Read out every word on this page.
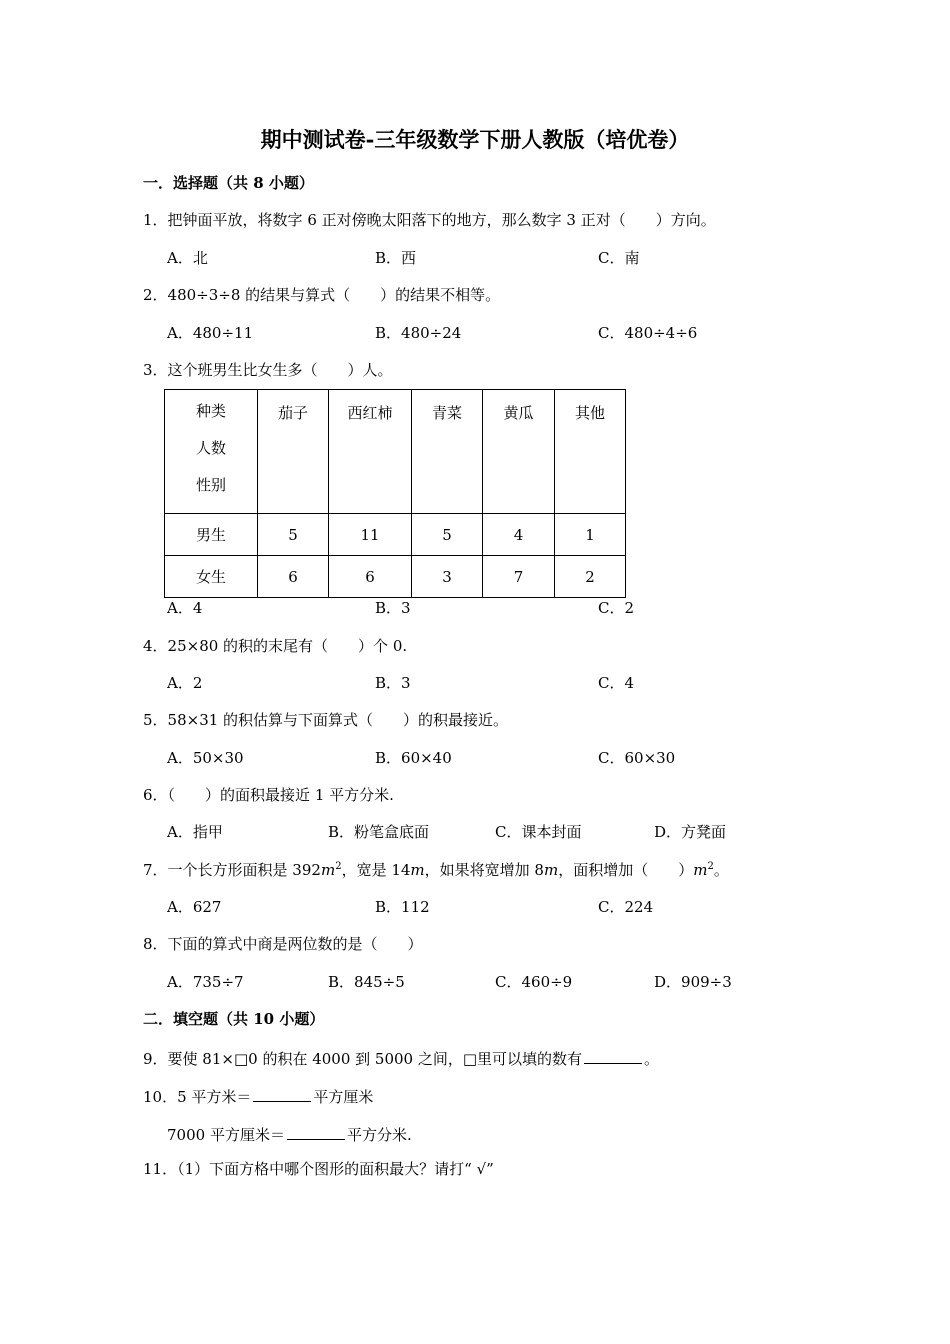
期中测试卷-三年级数学下册人教版（培优卷）
一．选择题（共 8 小题）
1．把钟面平放，将数字 6 正对傍晚太阳落下的地方，那么数字 3 正对（　　）方向。
A．北	B．西	C．南
2．480÷3÷8 的结果与算式（　　）的结果不相等。
A．480÷11	B．480÷24	C．480÷4÷6
3．这个班男生比女生多（　　）人。
种类
人数
性别	茄子	西红柿	青菜	黄瓜	其他
男生	5	11	5	4	1
女生	6	6	3	7	2
A．4	B．3	C．2
4．25×80 的积的末尾有（　　）个 0.
A．2	B．3	C．4
5．58×31 的积估算与下面算式（　　）的积最接近。
A．50×30	B．60×40	C．60×30
6．（　　）的面积最接近 1 平方分米.
A．指甲	B．粉笔盒底面	C．课本封面	D．方凳面
7．一个长方形面积是 $392m^2$，宽是 14m，如果将宽增加 8m，面积增加（　　）$m^2$。
A．627	B．112	C．224
8．下面的算式中商是两位数的是（　　）
A．735÷7	B．845÷5	C．460÷9	D．909÷3
二．填空题（共 10 小题）
9．要使 81×□0 的积在 4000 到 5000 之间，□里可以填的数有	。
10．5 平方米＝	平方厘米
7000 平方厘米＝	平方分米.
11．（1）下面方格中哪个图形的面积最大？请打“ √”
